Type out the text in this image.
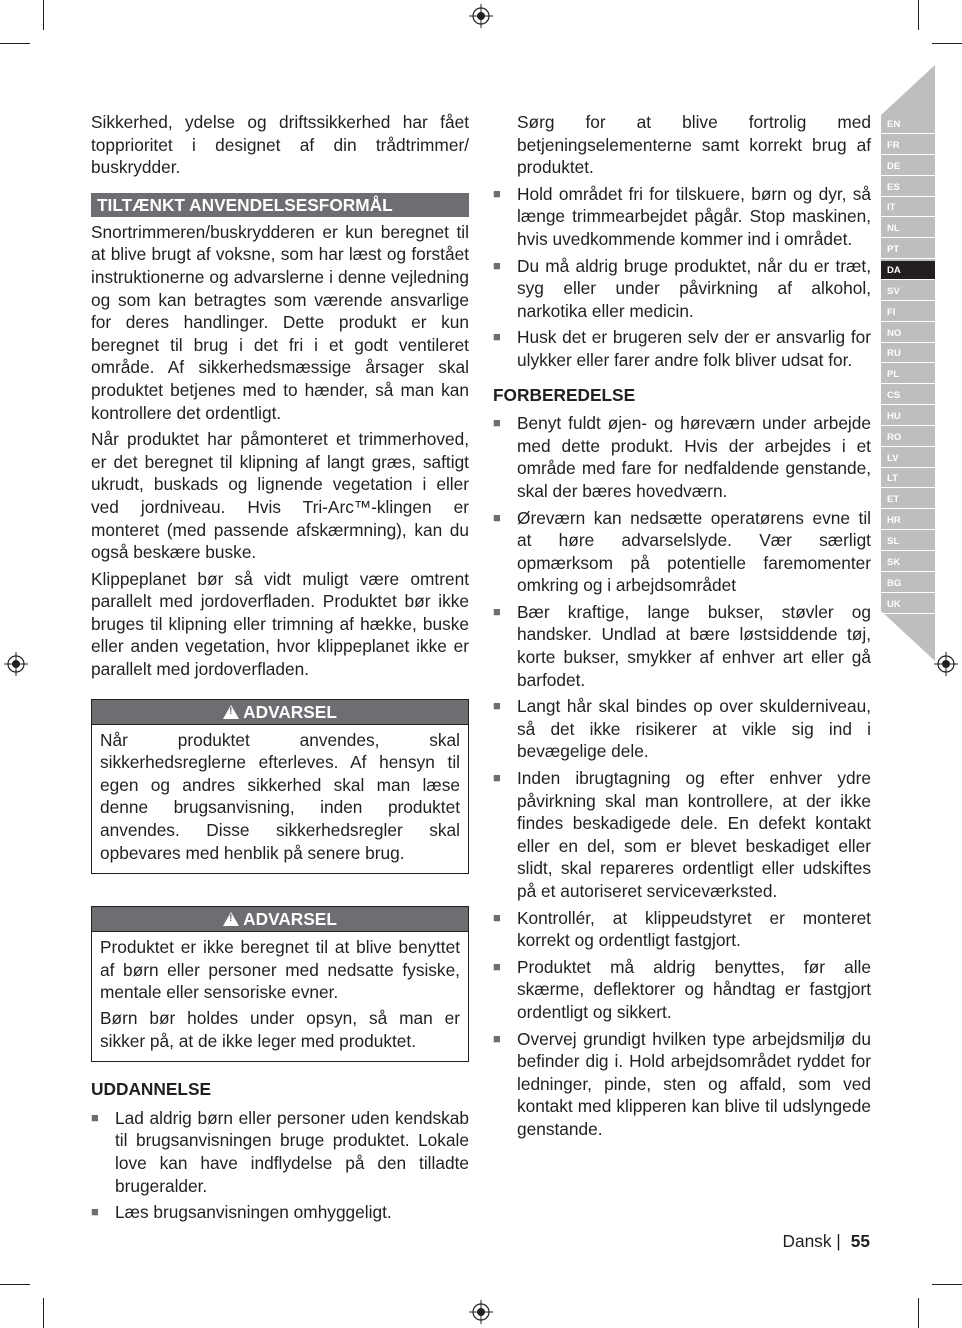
EN
FR
DE
ES
IT
NL
PT
DA
SV
FI
NO
RU
PL
CS
HU
RO
LV
LT
ET
HR
SL
SK
BG
UK

Sikkerhed, ydelse og driftssikkerhed har fået topprioritet i designet af din trådtrimmer/ buskrydder.

TILTÆNKT ANVENDELSESFORMÅL

Snortrimmeren/buskrydderen er kun beregnet til at blive brugt af voksne, som har læst og forstået instruktionerne og advarslerne i denne vejledning og som kan betragtes som værende ansvarlige for deres handlinger. Dette produkt er kun beregnet til brug i det fri i et godt ventileret område. Af sikkerhedsmæssige årsager skal produktet betjenes med to hænder, så man kan kontrollere det ordentligt.

Når produktet har påmonteret et trimmerhoved, er det beregnet til klipning af langt græs, saftigt ukrudt, buskads og lignende vegetation i eller ved jordniveau. Hvis Tri-Arc™-klingen er monteret (med passende afskærmning), kan du også beskære buske.

Klippeplanet bør så vidt muligt være omtrent parallelt med jordoverfladen. Produktet bør ikke bruges til klipning eller trimning af hække, buske eller anden vegetation, hvor klippeplanet ikke er parallelt med jordoverfladen.

!ADVARSEL

Når produktet anvendes, skal sikkerhedsreglerne efterleves. Af hensyn til egen og andres sikkerhed skal man læse denne brugsanvisning, inden produktet anvendes. Disse sikkerhedsregler skal opbevares med henblik på senere brug.

!ADVARSEL

Produktet er ikke beregnet til at blive benyttet af børn eller personer med nedsatte fysiske, mentale eller sensoriske evner.

Børn bør holdes under opsyn, så man er sikker på, at de ikke leger med produktet.

UDDANNELSE
■ Lad aldrig børn eller personer uden kendskab til brugsanvisningen bruge produktet. Lokale love kan have indflydelse på den tilladte brugeralder.
■ Læs brugsanvisningen omhyggeligt.

Sørg for at blive fortrolig med betjeningselementerne samt korrekt brug af produktet.

■ Hold området fri for tilskuere, børn og dyr, så længe trimmearbejdet pågår. Stop maskinen, hvis uvedkommende kommer ind i området.
■ Du må aldrig bruge produktet, når du er træt, syg eller under påvirkning af alkohol, narkotika eller medicin.
■ Husk det er brugeren selv der er ansvarlig for ulykker eller farer andre folk bliver udsat for.
FORBEREDELSE
■ Benyt fuldt øjen- og høreværn under arbejde med dette produkt. Hvis der arbejdes i et område med fare for nedfaldende genstande, skal der bæres hovedværn.
■ Øreværn kan nedsætte operatørens evne til at høre advarselslyde. Vær særligt opmærksom på potentielle faremomenter omkring og i arbejdsområdet
■ Bær kraftige, lange bukser, støvler og handsker. Undlad at bære løstsiddende tøj, korte bukser, smykker af enhver art eller gå barfodet.
■ Langt hår skal bindes op over skulderniveau, så det ikke risikerer at vikle sig ind i bevægelige dele.
■ Inden ibrugtagning og efter enhver ydre påvirkning skal man kontrollere, at der ikke findes beskadigede dele. En defekt kontakt eller en del, som er blevet beskadiget eller slidt, skal repareres ordentligt eller udskiftes på et autoriseret serviceværksted.
■ Kontrollér, at klippeudstyret er monteret korrekt og ordentligt fastgjort.
■ Produktet må aldrig benyttes, før alle skærme, deflektorer og håndtag er fastgjort ordentligt og sikkert.
■ Overvej grundigt hvilken type arbejdsmiljø du befinder dig i. Hold arbejdsområdet ryddet for ledninger, pinde, sten og affald, som ved kontakt med klipperen kan blive til udslyngede genstande.
Dansk | 55
